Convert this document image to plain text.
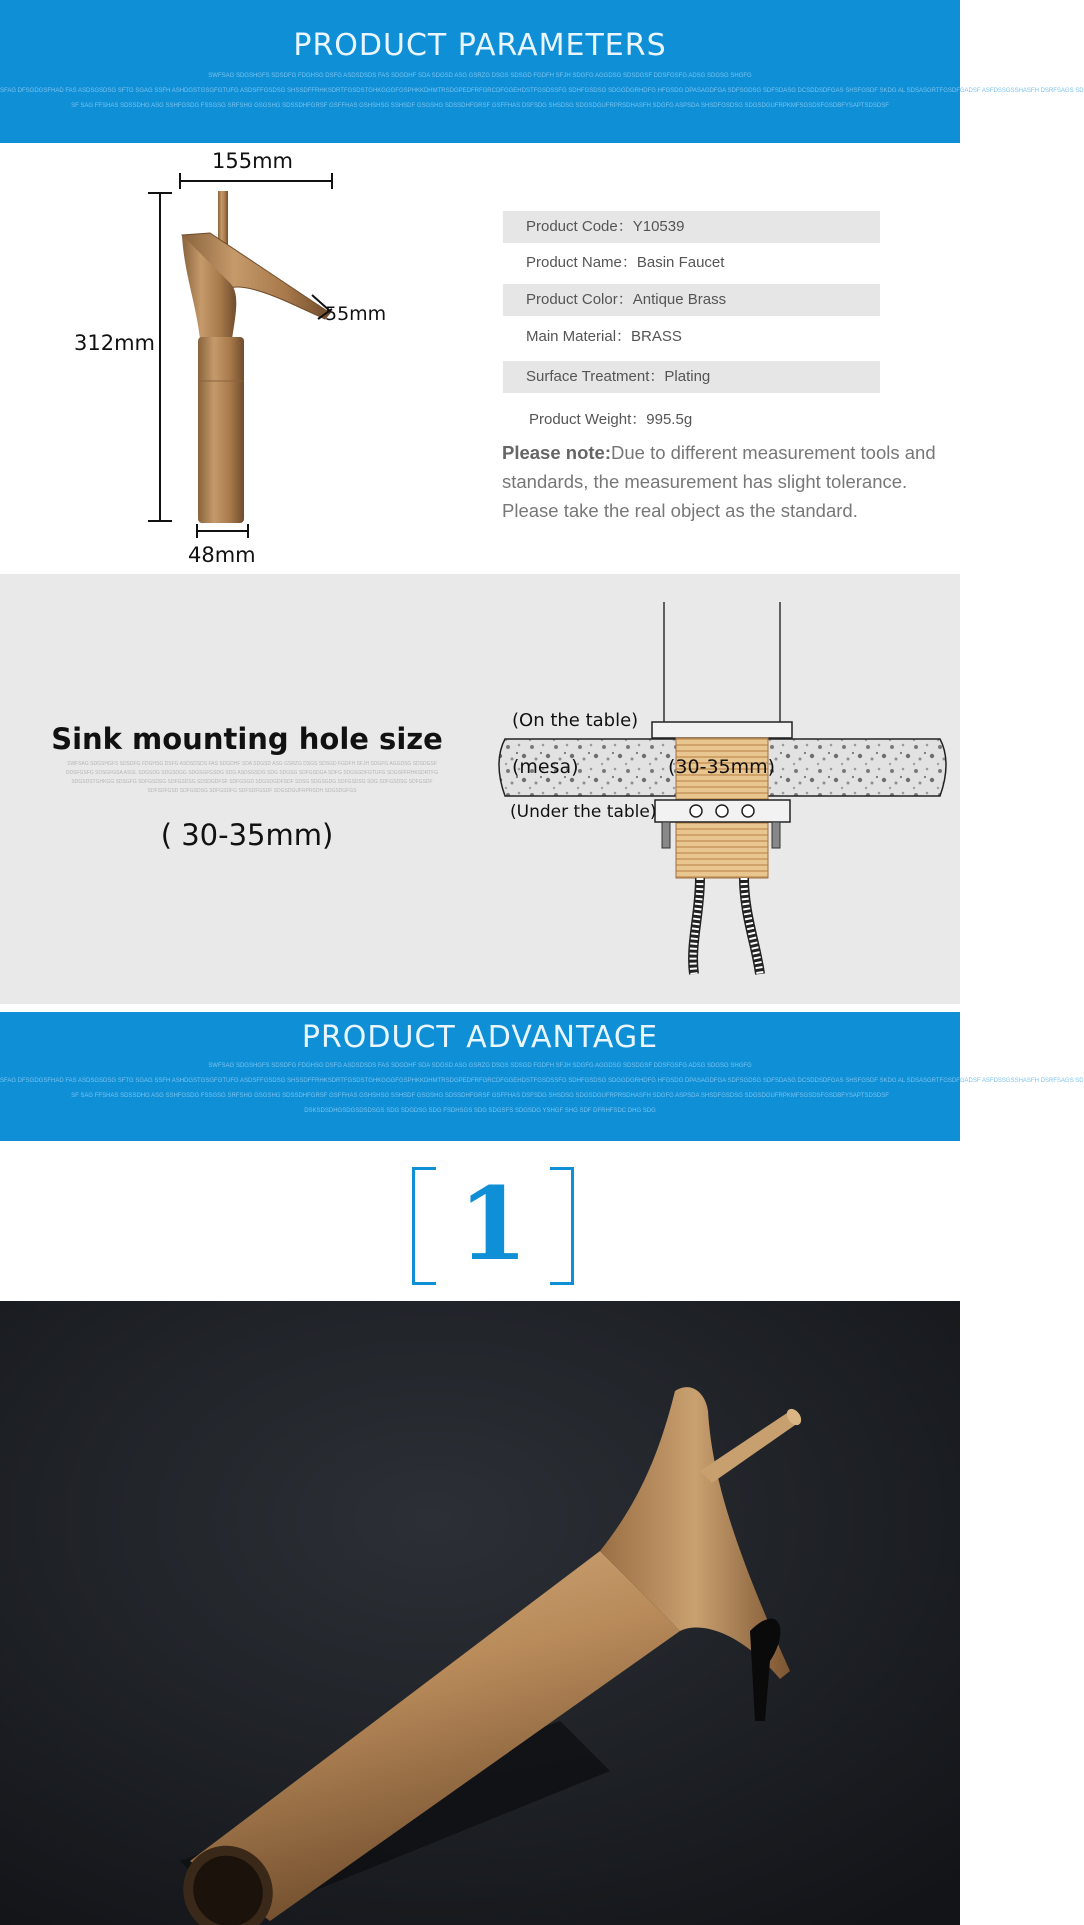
PRODUCT PARAMETERS
SWFSAG SDGSHGFS SDSDFG FDGHSG DSFG ASDSDSDS FAS SDGDHF SDA SDGSD ASG GSRZG DSGS SDSGD FGDFH SFJH SDGFG AGGDSG SDSDGSF DDSFGSFG ADSG SDGSG SHGFG
SFAG DFSGDGSFHAD FAS ASDSGSDSG SFTG SGAG SSFH ASHDGSTGSGFGTUFG ASDSFFGSDSG SHSSDFFRHKSDRTFGSDSTGHKGGGFGSPHKKDHMTRSDGPEDFRFGRCDFGGEHDSTFGSDSSFG SDHFGSDSG SDGGDGRHDFG HFGSDG DPASAGDFGA SDFSGDSG SDFSDASG DCSDDSDFGAS SHSFGSDF SKDG AL SDSASGRTFGSDFGADSF ASFDSSGSSHASFH DSRFSAGS SD
SF SAG FFSHAS SDSSDHG ASG SSHFGSDG FSSGSG SRFSHG GSGSHG SDSSDHFGRSF GSFFHAS GSHSHSG SSHSDF GSGSHG SDSSDHFGRSF GSFFHAS DSFSDG SHSDSG SDGSDGUFRPRSDHASFH SDGFG ASPSDA SHSDFGSDSG SDGSDGUFRPKMFSGSDSFGSDBFYSAPTSDSDSF
155mm
312mm
55mm
48mm
Product Code：Y10539
Product Name：Basin Faucet
Product Color：Antique Brass
Main Material：BRASS
Surface Treatment：Plating
Product Weight：995.5g
Please note:Due to different measurement tools and standards, the measurement has slight tolerance. Please take the real object as the standard.
(On the table)
(mesa)	(30-35mm)
(Under the table)
Sink mounting hole size
SWFSAG SDGSHGFS SDSDFG FDGHSG DSFG ASDSDSDS FAS SDGDHF SDA SDGSD ASG GSRZG DSGS SDSGD FGDFH SFJH SDGFG AGGDSG SDSDGSF DDSFGSFG SDSGFGSA ASGL SDGSDG SDGSDGG SDGSGFGSDG SDG ASDSGSDG SDG SDGSG SDFGSDGA SDFG SDGSGDFGTUFG SDGSFFRHKSDRTFG SDGSDSTGHKGG SDSGFG SDFGSDSG SDFGSDSG SDSDGDFSF SDFGSGD SDGSDGDFSDF SDSG SDGSGDG SDFGSDSG SDG SDFGSDSG SDFGSDF SDFSDFGSD SDFGSDSG SDFGSDFG SDFSDFGSDF SDGSDGUFRPRSDH SDGSDGFGS
( 30-35mm)
PRODUCT ADVANTAGE
SWFSAG SDGSHGFS SDSDFG FDGHSG DSFG ASDSDSDS FAS SDGDHF SDA SDGSD ASG GSRZG DSGS SDSGD FGDFH SFJH SDGFG AGGDSG SDSDGSF DDSFGSFG ADSG SDGSG SHGFG
SFAG DFSGDGSFHAD FAS ASDSGSDSG SFTG SGAG SSFH ASHDGSTGSGFGTUFG ASDSFFGSDSG SHSSDFFRHKSDRTFGSDSTGHKGGGFGSPHKKDHMTRSDGPEDFRFGRCDFGGEHDSTFGSDSSFG SDHFGSDSG SDGGDGRHDFG HFGSDG DPASAGDFGA SDFSGDSG SDFSDASG DCSDDSDFGAS SHSFGSDF SKDG AL SDSASGRTFGSDFGADSF ASFDSSGSSHASFH DSRFSAGS SD
SF SAG FFSHAS SDSSDHG ASG SSHFGSDG FSSGSG SRFSHG GSGSHG SDSSDHFGRSF GSFFHAS GSHSHSG SSHSDF GSGSHG SDSSDHFGRSF GSFFHAS DSFSDG SHSDSG SDGSDGUFRPRSDHASFH SDGFG ASPSDA SHSDFGSDSG SDGSDGUFRPKMFSGSDSFGSDBFYSAPTSDSDSF
DSKSDSDHGSDGSDSDSGS SDG SDGDSG SDG FSDHSGS SDG SDGSFS SDGSDG YSHGF SHG SDF DFRHFSDC DHG SDG
1
